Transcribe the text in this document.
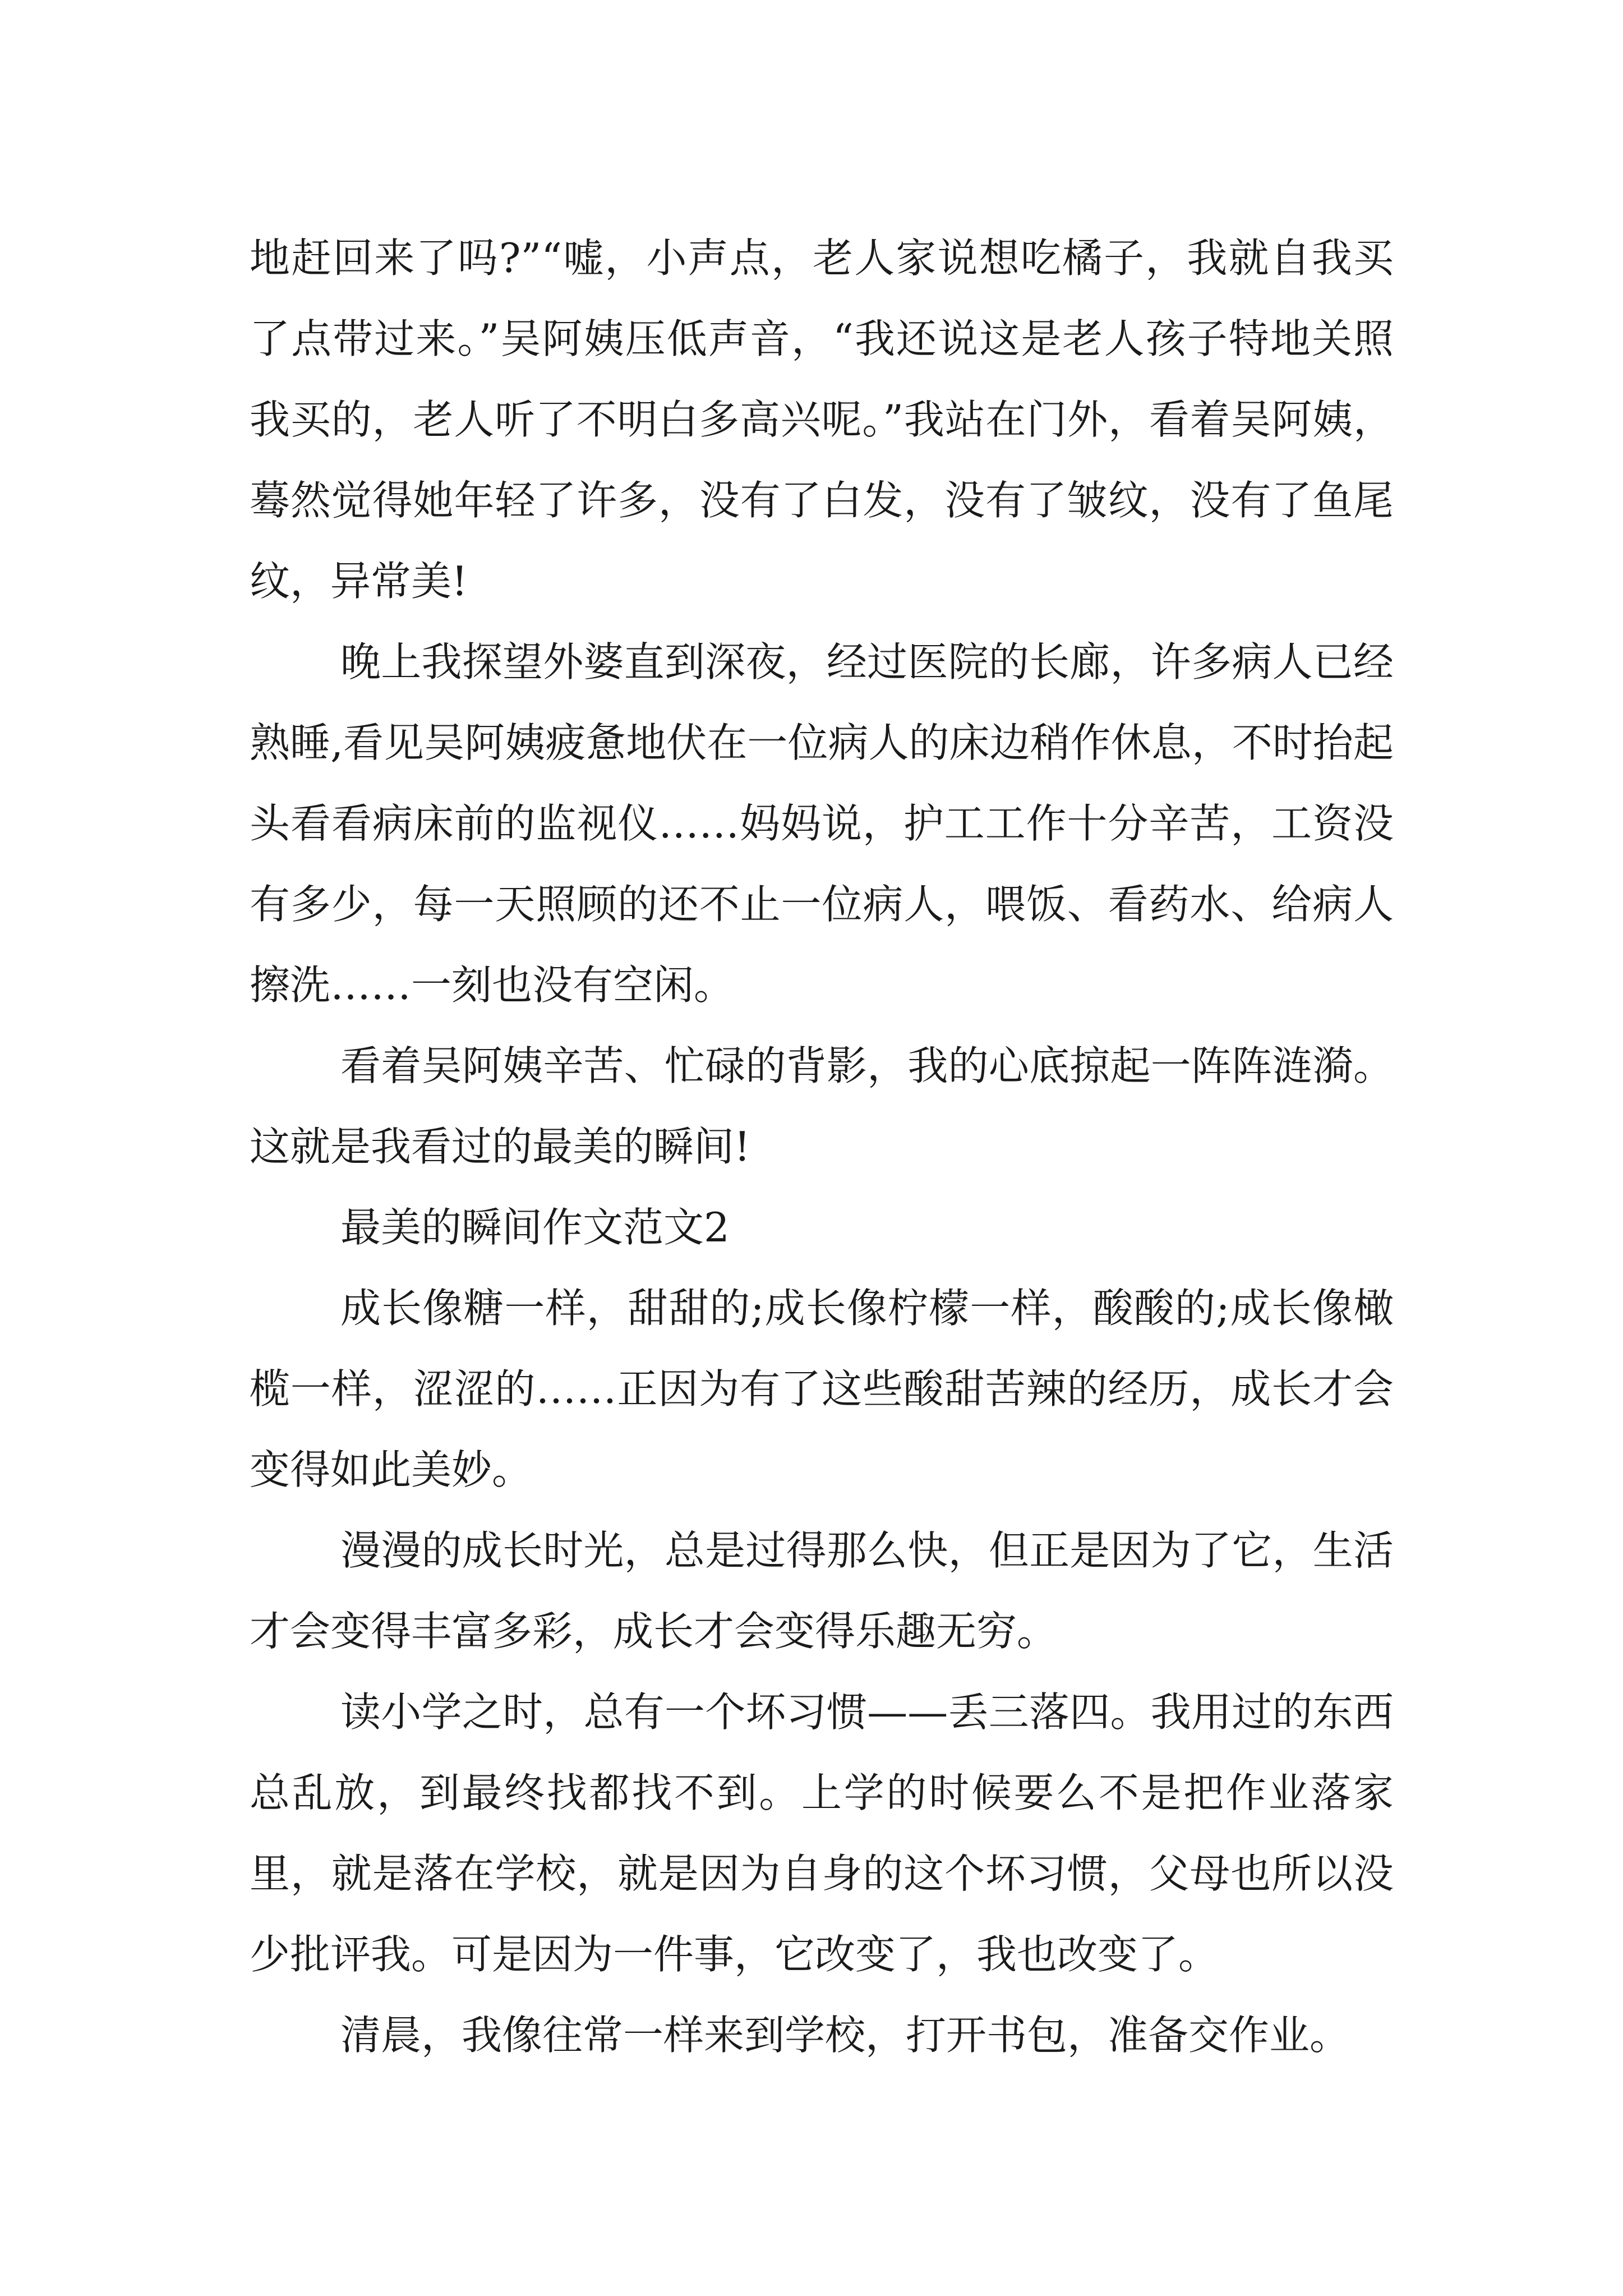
地赶回来了吗?”“嘘，小声点，老人家说想吃橘子，我就自我买了点带过来。”吴阿姨压低声音，“我还说这是老人孩子特地关照我买的，老人听了不明白多高兴呢。”我站在门外，看着吴阿姨，蓦然觉得她年轻了许多，没有了白发，没有了皱纹，没有了鱼尾纹，异常美!

晚上我探望外婆直到深夜，经过医院的长廊，许多病人已经熟睡,看见吴阿姨疲惫地伏在一位病人的床边稍作休息，不时抬起头看看病床前的监视仪……妈妈说，护工工作十分辛苦，工资没有多少，每一天照顾的还不止一位病人，喂饭、看药水、给病人擦洗……一刻也没有空闲。

看着吴阿姨辛苦、忙碌的背影，我的心底掠起一阵阵涟漪。这就是我看过的最美的瞬间!

最美的瞬间作文范文2

成长像糖一样，甜甜的;成长像柠檬一样，酸酸的;成长像橄榄一样，涩涩的……正因为有了这些酸甜苦辣的经历，成长才会变得如此美妙。

漫漫的成长时光，总是过得那么快，但正是因为了它，生活才会变得丰富多彩，成长才会变得乐趣无穷。

读小学之时，总有一个坏习惯——丢三落四。我用过的东西总乱放，到最终找都找不到。上学的时候要么不是把作业落家里，就是落在学校，就是因为自身的这个坏习惯，父母也所以没少批评我。可是因为一件事，它改变了，我也改变了。

清晨，我像往常一样来到学校，打开书包，准备交作业。
